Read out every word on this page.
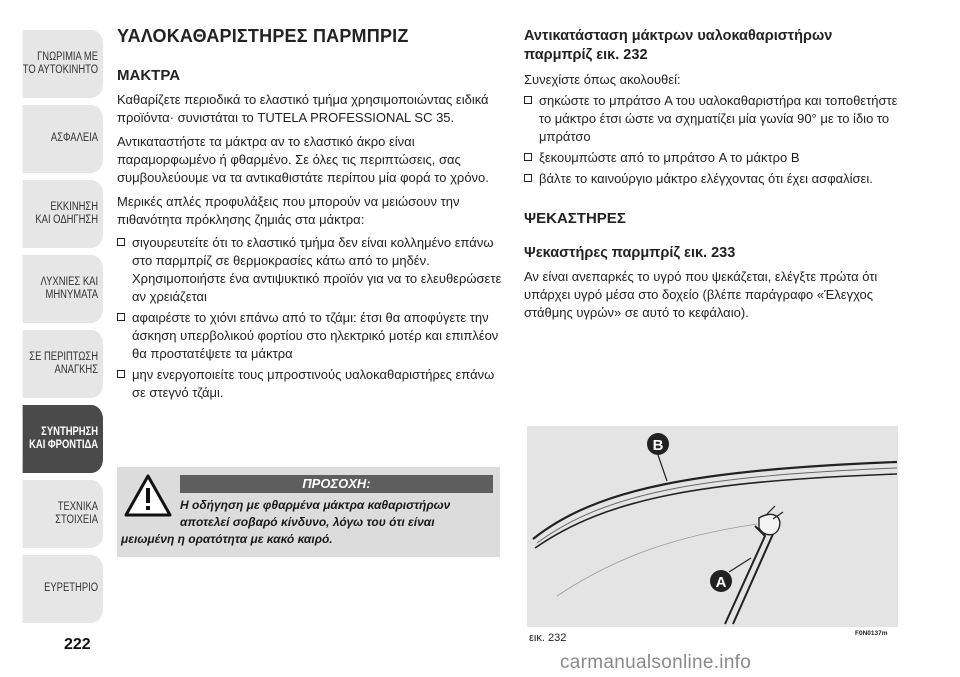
ΓΝΩΡΙΜΙΑ ΜΕ
ΤΟ ΑΥΤΟΚΙΝΗΤΟ
ΑΣΦΑΛΕΙΑ
ΕΚΚΙΝΗΣΗ
ΚΑΙ ΟΔΗΓΗΣΗ
ΛΥΧΝΙΕΣ ΚΑΙ
ΜΗΝΥΜΑΤΑ
ΣΕ ΠΕΡΙΠΤΩΣΗ
ΑΝΑΓΚΗΣ
ΣΥΝΤΗΡΗΣΗ
ΚΑΙ ΦΡΟΝΤΙΔΑ
ΤΕΧΝΙΚΑ
ΣΤΟΙΧΕΙΑ
ΕΥΡΕΤΗΡΙΟ
222
ΥΑΛΟΚΑΘΑΡΙΣΤΗΡΕΣ ΠΑΡΜΠΡΙΖ
ΜΑΚΤΡΑ

Καθαρίζετε περιοδικά το ελαστικό τμήμα χρησιμοποιώντας ειδικά προϊόντα· συνιστάται το TUTELA PROFESSIONAL SC 35.

Αντικαταστήστε τα μάκτρα αν το ελαστικό άκρο είναι παραμορφωμένο ή φθαρμένο. Σε όλες τις περιπτώσεις, σας συμβουλεύουμε να τα αντικαθιστάτε περίπου μία φορά το χρόνο.

Μερικές απλές προφυλάξεις που μπορούν να μειώσουν την πιθανότητα πρόκλησης ζημιάς στα μάκτρα:

σιγουρευτείτε ότι το ελαστικό τμήμα δεν είναι κολλημένο επάνω στο παρμπρίζ σε θερμοκρασίες κάτω από το μηδέν. Χρησιμοποιήστε ένα αντιψυκτικό προϊόν για να το ελευθερώσετε αν χρειάζεται
αφαιρέστε το χιόνι επάνω από το τζάμι: έτσι θα αποφύγετε την άσκηση υπερβολικού φορτίου στο ηλεκτρικό μοτέρ και επιπλέον θα προστατέψετε τα μάκτρα
μην ενεργοποιείτε τους μπροστινούς υαλοκαθαριστήρες επάνω σε στεγνό τζάμι.
ΠΡΟΣΟΧΗ:
Η οδήγηση με φθαρμένα μάκτρα καθαριστήρων
αποτελεί σοβαρό κίνδυνο, λόγω του ότι είναι
μειωμένη η ορατότητα με κακό καιρό.
Αντικατάσταση μάκτρων υαλοκαθαριστήρων
παρμπρίζ εικ. 232

Συνεχίστε όπως ακολουθεί:

σηκώστε το μπράτσο A του υαλοκαθαριστήρα και τοποθετήστε το μάκτρο έτσι ώστε να σχηματίζει μία γωνία 90° με το ίδιο το μπράτσο
ξεκουμπώστε από το μπράτσο A το μάκτρο B
βάλτε το καινούργιο μάκτρο ελέγχοντας ότι έχει ασφαλίσει.
ΨΕΚΑΣΤΗΡΕΣ
Ψεκαστήρες παρμπρίζ εικ. 233

Αν είναι ανεπαρκές το υγρό που ψεκάζεται, ελέγξτε πρώτα ότι υπάρχει υγρό μέσα στο δοχείο (βλέπε παράγραφο «Έλεγχος στάθμης υγρών» σε αυτό το κεφάλαιο).

B
A
εικ. 232	F0N0137m
carmanualsonline.info
